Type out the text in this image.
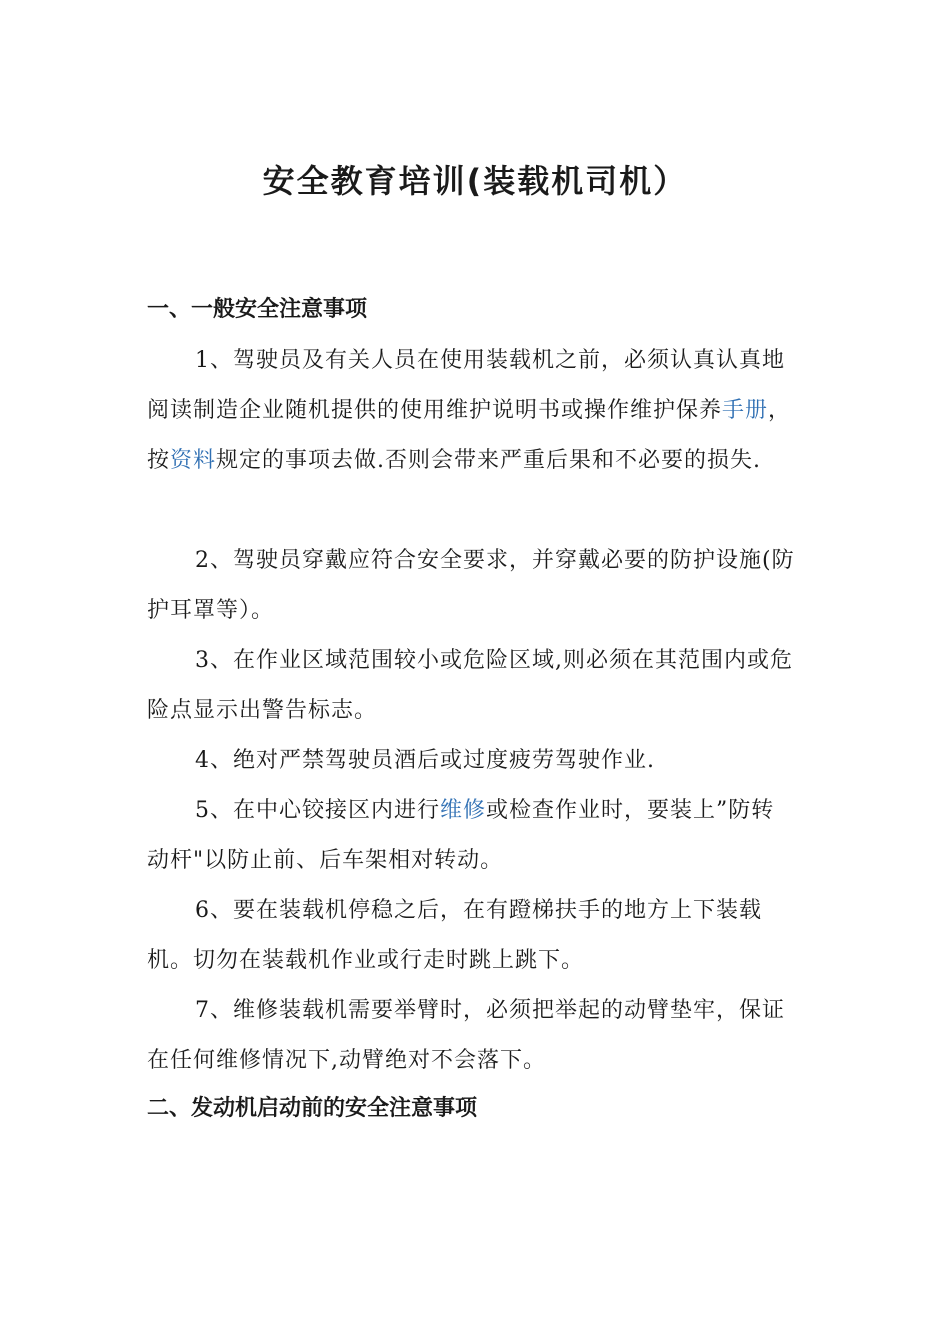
安全教育培训(装载机司机）
一、一般安全注意事项

1、驾驶员及有关人员在使用装载机之前，必须认真认真地阅读制造企业随机提供的使用维护说明书或操作维护保养手册，按资料规定的事项去做.否则会带来严重后果和不必要的损失.

2、驾驶员穿戴应符合安全要求，并穿戴必要的防护设施(防护耳罩等）。

3、在作业区域范围较小或危险区域,则必须在其范围内或危险点显示出警告标志。

4、绝对严禁驾驶员酒后或过度疲劳驾驶作业.

5、在中心铰接区内进行维修或检查作业时，要装上”防转动杆"以防止前、后车架相对转动。

6、要在装载机停稳之后，在有蹬梯扶手的地方上下装载机。切勿在装载机作业或行走时跳上跳下。

7、维修装载机需要举臂时，必须把举起的动臂垫牢，保证在任何维修情况下,动臂绝对不会落下。

二、发动机启动前的安全注意事项
